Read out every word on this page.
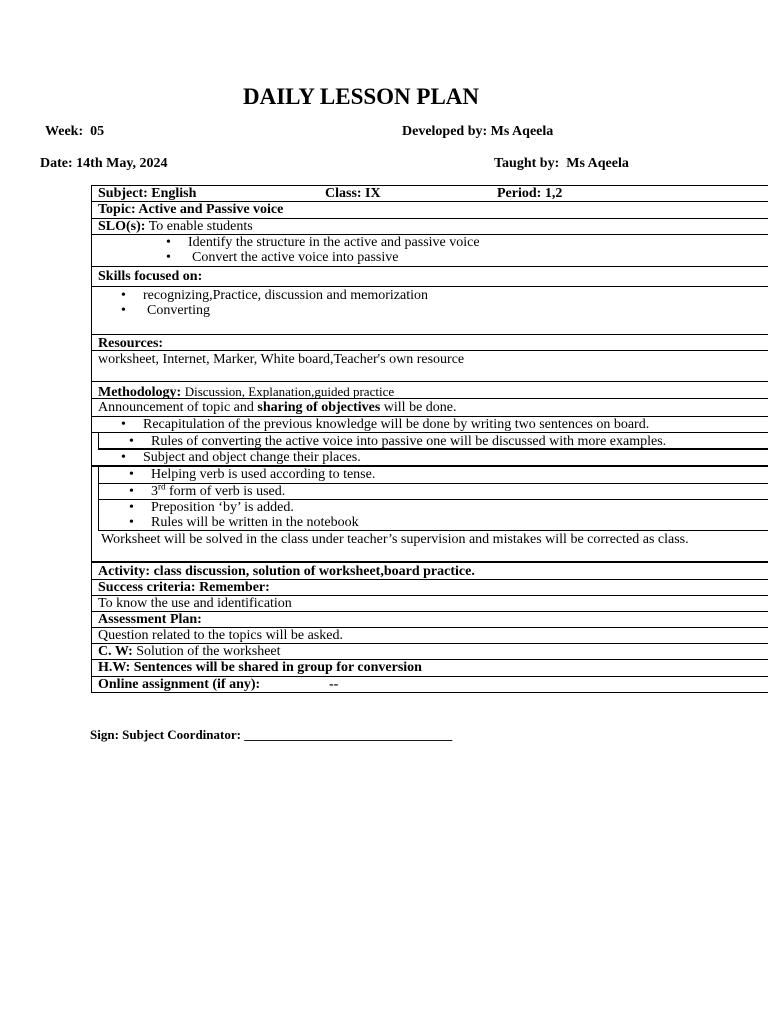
DAILY LESSON PLAN
Week: 05	Developed by: Ms Aqeela
Date: 14th May, 2024	Taught by: Ms Aqeela
Subject: English	Class: IX	Period: 1,2
Topic: Active and Passive voice
SLO(s): To enable students
• Identify the structure in the active and passive voice
• Convert the active voice into passive
Skills focused on:
• recognizing,Practice, discussion and memorization
• Converting
Resources:
worksheet, Internet, Marker, White board,Teacher's own resource
Methodology: Discussion, Explanation,guided practice
Announcement of topic and sharing of objectives will be done.
• Recapitulation of the previous knowledge will be done by writing two sentences on board.
• Rules of converting the active voice into passive one will be discussed with more examples.
• Subject and object change their places.
• Helping verb is used according to tense.
• 3rd form of verb is used.
• Preposition ‘by’ is added.
• Rules will be written in the notebook
Worksheet will be solved in the class under teacher’s supervision and mistakes will be corrected as class.
Activity: class discussion, solution of worksheet,board practice.
Success criteria: Remember:
To know the use and identification
Assessment Plan:
Question related to the topics will be asked.
C. W: Solution of the worksheet
H.W: Sentences will be shared in group for conversion
Online assignment (if any):	--
Sign: Subject Coordinator: ________________________________
